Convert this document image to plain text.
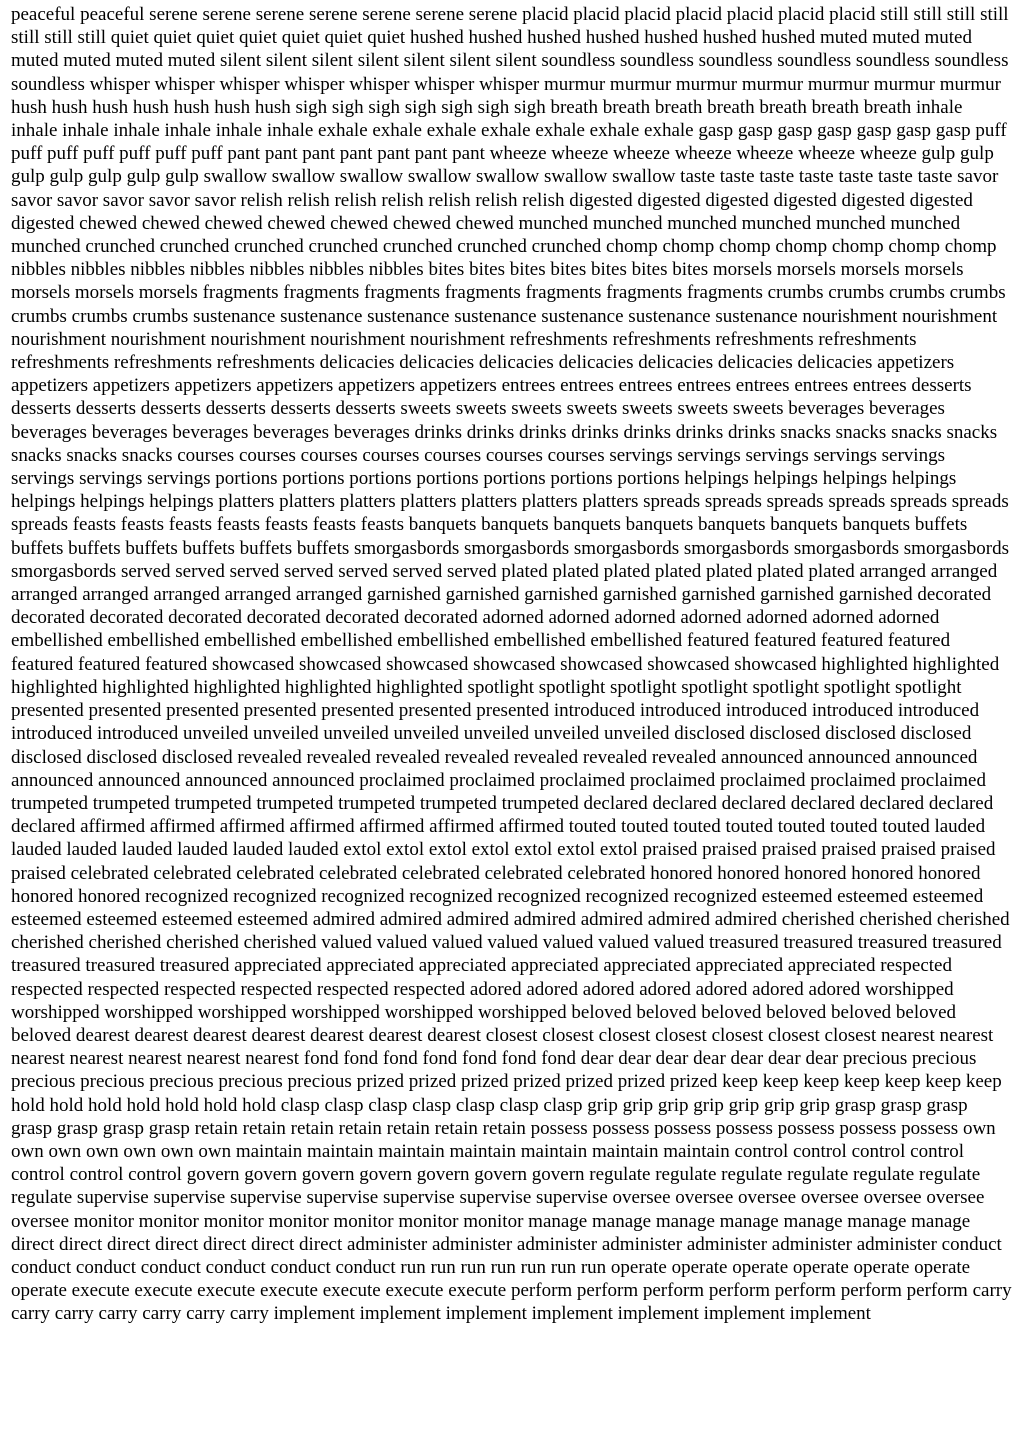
peaceful peaceful serene serene serene serene serene serene serene placid placid placid placid placid placid placid still still still still still still still quiet quiet quiet quiet quiet quiet quiet hushed hushed hushed hushed hushed hushed hushed muted muted muted muted muted muted muted silent silent silent silent silent silent silent soundless soundless soundless soundless soundless soundless soundless whisper whisper whisper whisper whisper whisper whisper murmur murmur murmur murmur murmur murmur murmur hush hush hush hush hush hush hush sigh sigh sigh sigh sigh sigh sigh breath breath breath breath breath breath breath inhale inhale inhale inhale inhale inhale inhale exhale exhale exhale exhale exhale exhale exhale gasp gasp gasp gasp gasp gasp gasp puff puff puff puff puff puff puff pant pant pant pant pant pant pant wheeze wheeze wheeze wheeze wheeze wheeze wheeze gulp gulp gulp gulp gulp gulp gulp swallow swallow swallow swallow swallow swallow swallow taste taste taste taste taste taste taste savor savor savor savor savor savor relish relish relish relish relish relish relish digested digested digested digested digested digested digested chewed chewed chewed chewed chewed chewed chewed munched munched munched munched munched munched munched crunched crunched crunched crunched crunched crunched crunched chomp chomp chomp chomp chomp chomp chomp nibbles nibbles nibbles nibbles nibbles nibbles nibbles bites bites bites bites bites bites bites morsels morsels morsels morsels morsels morsels morsels fragments fragments fragments fragments fragments fragments fragments crumbs crumbs crumbs crumbs crumbs crumbs crumbs sustenance sustenance sustenance sustenance sustenance sustenance sustenance nourishment nourishment nourishment nourishment nourishment nourishment nourishment refreshments refreshments refreshments refreshments refreshments refreshments refreshments delicacies delicacies delicacies delicacies delicacies delicacies delicacies appetizers appetizers appetizers appetizers appetizers appetizers appetizers entrees entrees entrees entrees entrees entrees entrees desserts desserts desserts desserts desserts desserts desserts sweets sweets sweets sweets sweets sweets sweets beverages beverages beverages beverages beverages beverages beverages drinks drinks drinks drinks drinks drinks drinks snacks snacks snacks snacks snacks snacks snacks courses courses courses courses courses courses courses servings servings servings servings servings servings servings servings portions portions portions portions portions portions portions helpings helpings helpings helpings helpings helpings helpings platters platters platters platters platters platters platters spreads spreads spreads spreads spreads spreads spreads feasts feasts feasts feasts feasts feasts feasts banquets banquets banquets banquets banquets banquets banquets buffets buffets buffets buffets buffets buffets buffets smorgasbords smorgasbords smorgasbords smorgasbords smorgasbords smorgasbords smorgasbords served served served served served served served plated plated plated plated plated plated plated arranged arranged arranged arranged arranged arranged arranged garnished garnished garnished garnished garnished garnished garnished decorated decorated decorated decorated decorated decorated decorated adorned adorned adorned adorned adorned adorned adorned embellished embellished embellished embellished embellished embellished embellished featured featured featured featured featured featured featured showcased showcased showcased showcased showcased showcased showcased highlighted highlighted highlighted highlighted highlighted highlighted highlighted spotlight spotlight spotlight spotlight spotlight spotlight spotlight presented presented presented presented presented presented presented introduced introduced introduced introduced introduced introduced introduced unveiled unveiled unveiled unveiled unveiled unveiled unveiled disclosed disclosed disclosed disclosed disclosed disclosed disclosed revealed revealed revealed revealed revealed revealed revealed announced announced announced announced announced announced announced proclaimed proclaimed proclaimed proclaimed proclaimed proclaimed proclaimed trumpeted trumpeted trumpeted trumpeted trumpeted trumpeted trumpeted declared declared declared declared declared declared declared affirmed affirmed affirmed affirmed affirmed affirmed affirmed touted touted touted touted touted touted touted lauded lauded lauded lauded lauded lauded lauded extol extol extol extol extol extol extol praised praised praised praised praised praised praised celebrated celebrated celebrated celebrated celebrated celebrated celebrated honored honored honored honored honored honored honored recognized recognized recognized recognized recognized recognized recognized esteemed esteemed esteemed esteemed esteemed esteemed esteemed admired admired admired admired admired admired admired cherished cherished cherished cherished cherished cherished cherished valued valued valued valued valued valued valued treasured treasured treasured treasured treasured treasured treasured appreciated appreciated appreciated appreciated appreciated appreciated appreciated respected respected respected respected respected respected respected adored adored adored adored adored adored adored worshipped worshipped worshipped worshipped worshipped worshipped worshipped beloved beloved beloved beloved beloved beloved beloved dearest dearest dearest dearest dearest dearest dearest closest closest closest closest closest closest closest nearest nearest nearest nearest nearest nearest nearest fond fond fond fond fond fond fond dear dear dear dear dear dear dear precious precious precious precious precious precious precious prized prized prized prized prized prized prized keep keep keep keep keep keep keep hold hold hold hold hold hold hold clasp clasp clasp clasp clasp clasp clasp grip grip grip grip grip grip grip grasp grasp grasp grasp grasp grasp grasp retain retain retain retain retain retain retain possess possess possess possess possess possess possess own own own own own own own maintain maintain maintain maintain maintain maintain maintain control control control control control control control govern govern govern govern govern govern govern regulate regulate regulate regulate regulate regulate regulate supervise supervise supervise supervise supervise supervise supervise oversee oversee oversee oversee oversee oversee oversee monitor monitor monitor monitor monitor monitor monitor manage manage manage manage manage manage manage direct direct direct direct direct direct direct administer administer administer administer administer administer administer conduct conduct conduct conduct conduct conduct conduct run run run run run run run operate operate operate operate operate operate operate execute execute execute execute execute execute execute perform perform perform perform perform perform perform carry carry carry carry carry carry carry implement implement implement implement implement implement implement
